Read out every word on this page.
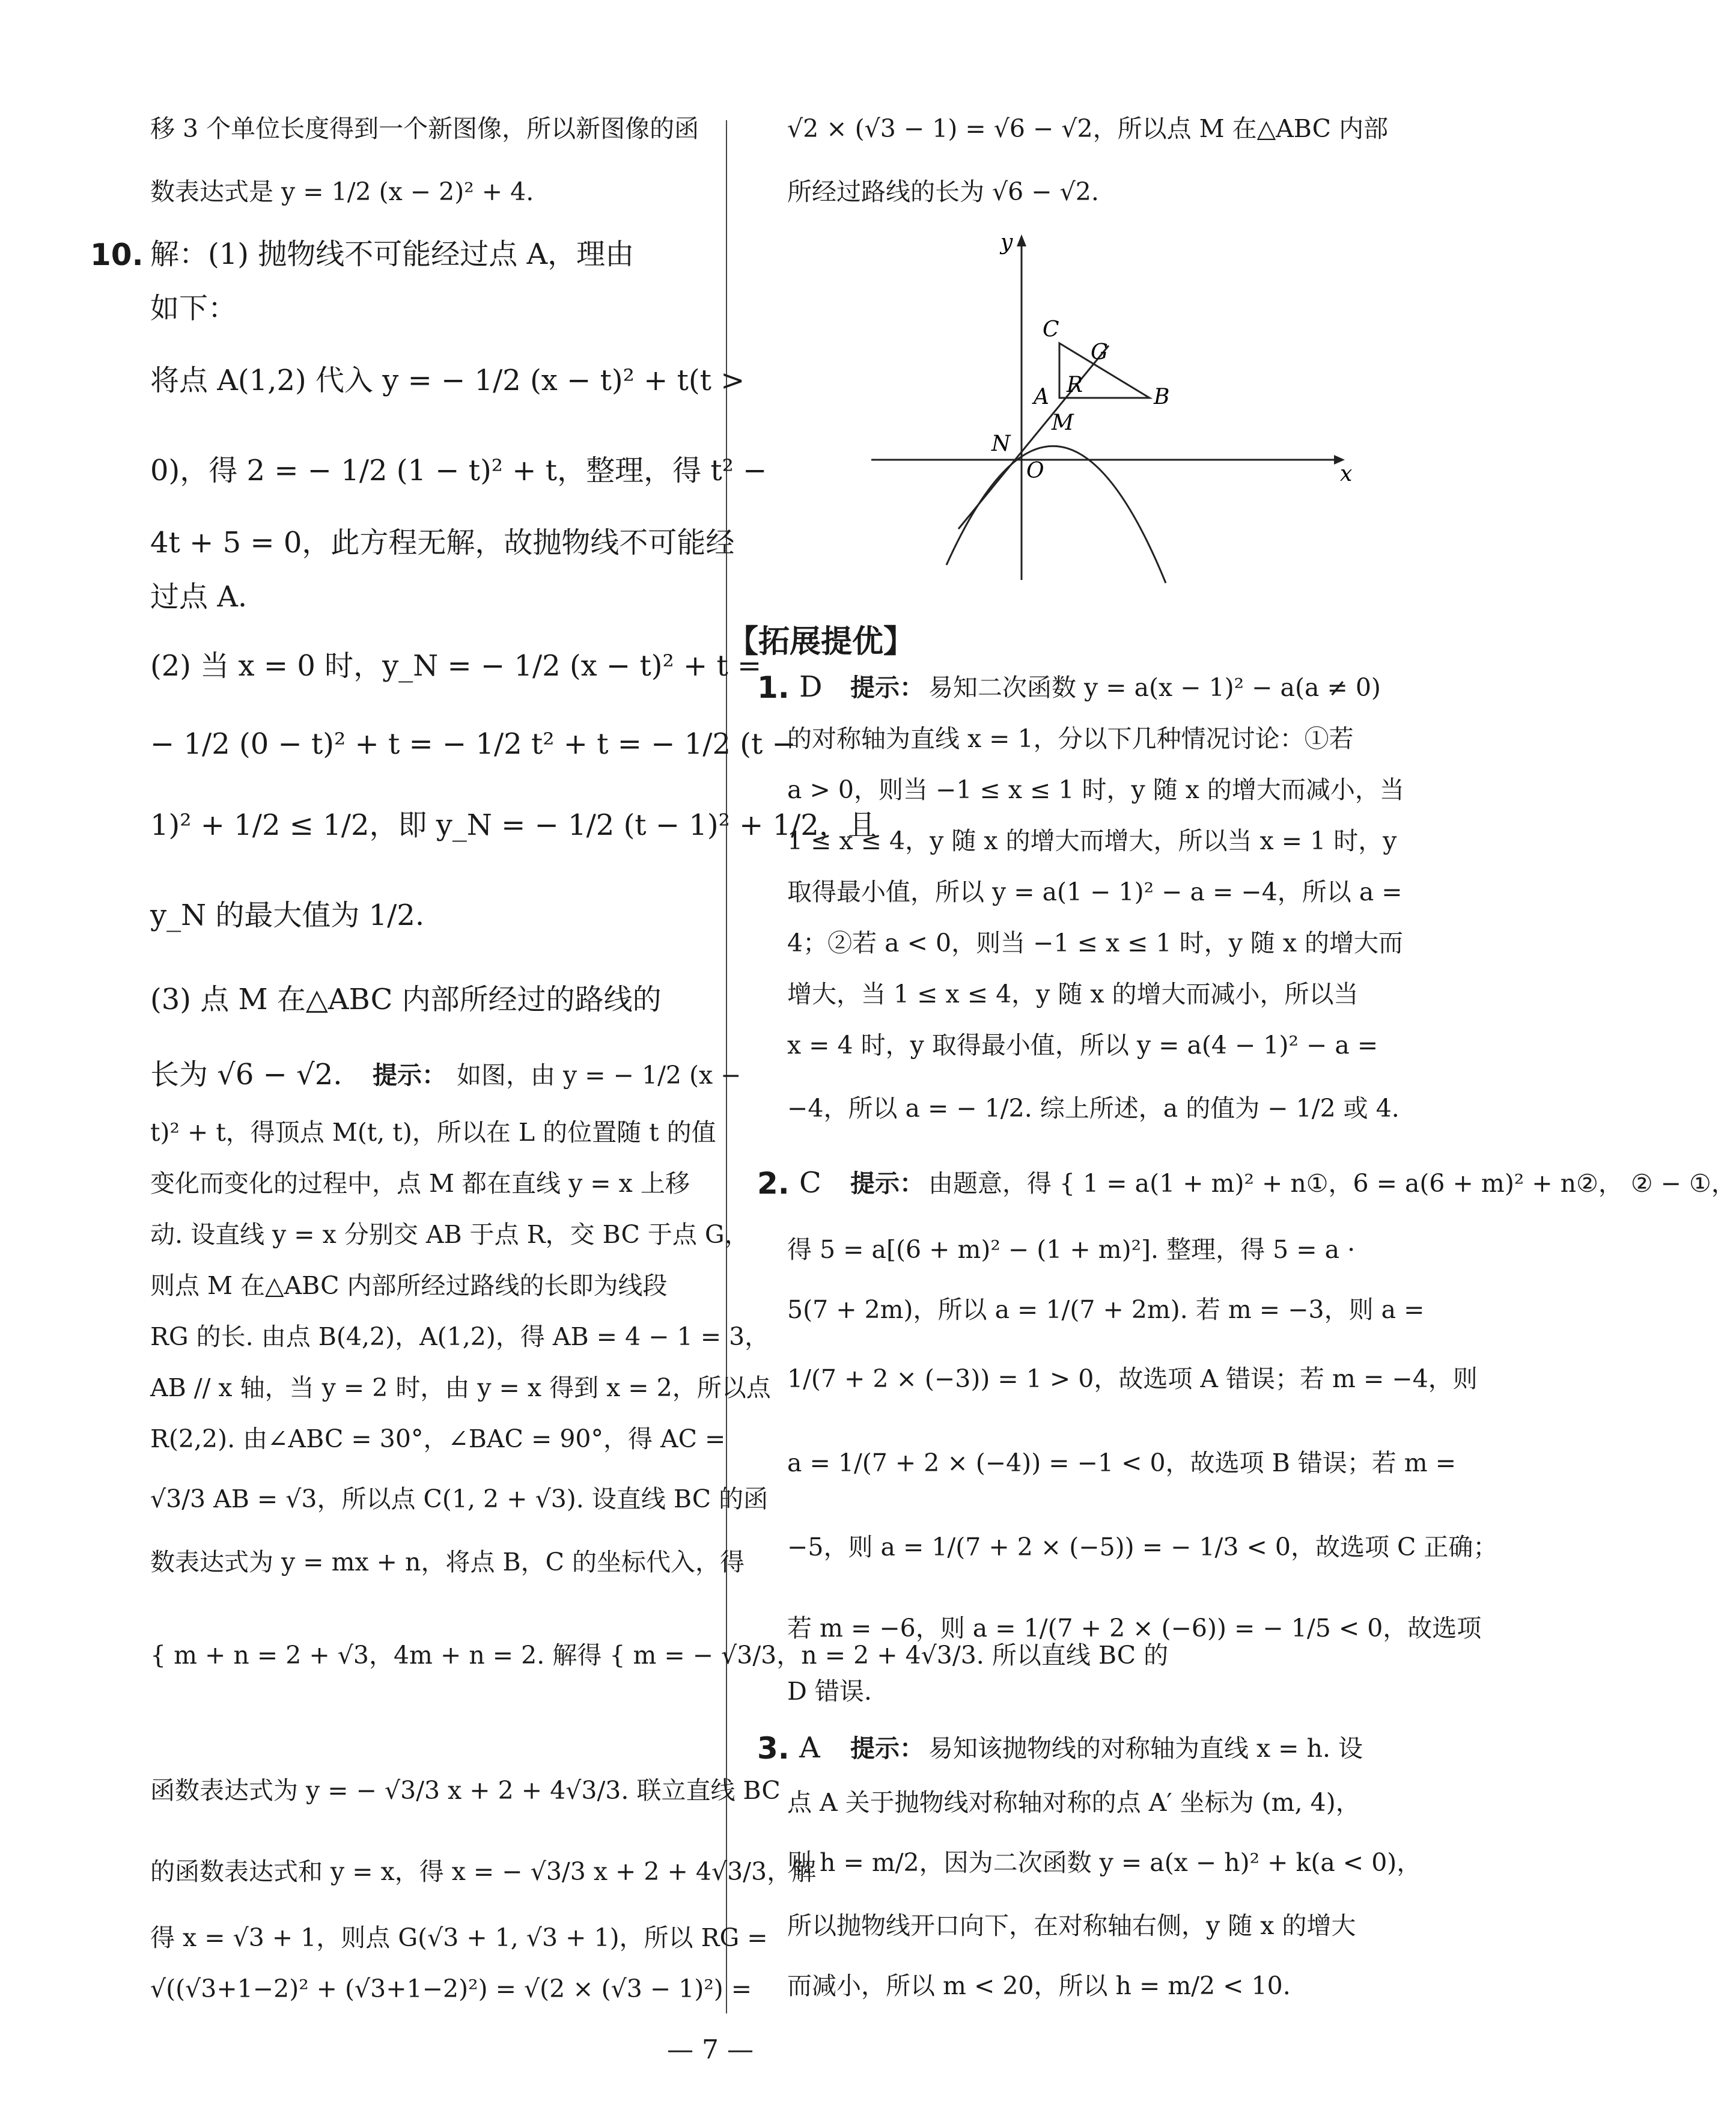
移 3 个单位长度得到一个新图像，所以新图像的函
数表达式是 y = 1/2 (x − 2)² + 4.
10. 解：(1) 抛物线不可能经过点 A，理由
如下：
将点 A(1,2) 代入 y = − 1/2 (x − t)² + t(t >
0)，得 2 = − 1/2 (1 − t)² + t，整理，得 t² −
4t + 5 = 0，此方程无解，故抛物线不可能经
过点 A.
(2) 当 x = 0 时，y_N = − 1/2 (x − t)² + t =
− 1/2 (0 − t)² + t = − 1/2 t² + t = − 1/2 (t −
1)² + 1/2 ≤ 1/2，即 y_N = − 1/2 (t − 1)² + 1/2，且
y_N 的最大值为 1/2.
(3) 点 M 在△ABC 内部所经过的路线的
长为 √6 − √2. 提示： 如图，由 y = − 1/2 (x −
t)² + t，得顶点 M(t, t)，所以在 L 的位置随 t 的值
变化而变化的过程中，点 M 都在直线 y = x 上移
动. 设直线 y = x 分别交 AB 于点 R，交 BC 于点 G，
则点 M 在△ABC 内部所经过路线的长即为线段
RG 的长. 由点 B(4,2)，A(1,2)，得 AB = 4 − 1 = 3，
AB // x 轴，当 y = 2 时，由 y = x 得到 x = 2，所以点
R(2,2). 由∠ABC = 30°，∠BAC = 90°，得 AC =
√3/3 AB = √3，所以点 C(1, 2 + √3). 设直线 BC 的函
数表达式为 y = mx + n，将点 B，C 的坐标代入，得
{ m + n = 2 + √3，4m + n = 2. 解得 { m = − √3/3，n = 2 + 4√3/3. 所以直线 BC 的
函数表达式为 y = − √3/3 x + 2 + 4√3/3. 联立直线 BC
的函数表达式和 y = x，得 x = − √3/3 x + 2 + 4√3/3，解
得 x = √3 + 1，则点 G(√3 + 1, √3 + 1)，所以 RG =
√((√3+1−2)² + (√3+1−2)²) = √(2 × (√3 − 1)²) =
√2 × (√3 − 1) = √6 − √2，所以点 M 在△ABC 内部
所经过路线的长为 √6 − √2.
y
x
C
G
R
A	B
M
N
O
【拓展提优】
1. D 提示： 易知二次函数 y = a(x − 1)² − a(a ≠ 0)
的对称轴为直线 x = 1，分以下几种情况讨论：①若
a > 0，则当 −1 ≤ x ≤ 1 时，y 随 x 的增大而减小，当
1 ≤ x ≤ 4，y 随 x 的增大而增大，所以当 x = 1 时，y
取得最小值，所以 y = a(1 − 1)² − a = −4，所以 a =
4；②若 a < 0，则当 −1 ≤ x ≤ 1 时，y 随 x 的增大而
增大，当 1 ≤ x ≤ 4，y 随 x 的增大而减小，所以当
x = 4 时，y 取得最小值，所以 y = a(4 − 1)² − a =
−4，所以 a = − 1/2. 综上所述，a 的值为 − 1/2 或 4.
2. C 提示： 由题意，得 { 1 = a(1 + m)² + n①，6 = a(6 + m)² + n②， ② − ①，
得 5 = a[(6 + m)² − (1 + m)²]. 整理，得 5 = a ·
5(7 + 2m)，所以 a = 1/(7 + 2m). 若 m = −3，则 a =
1/(7 + 2 × (−3)) = 1 > 0，故选项 A 错误；若 m = −4，则
a = 1/(7 + 2 × (−4)) = −1 < 0，故选项 B 错误；若 m =
−5，则 a = 1/(7 + 2 × (−5)) = − 1/3 < 0，故选项 C 正确；
若 m = −6，则 a = 1/(7 + 2 × (−6)) = − 1/5 < 0，故选项
D 错误.
3. A 提示： 易知该抛物线的对称轴为直线 x = h. 设
点 A 关于抛物线对称轴对称的点 A′ 坐标为 (m, 4)，
则 h = m/2，因为二次函数 y = a(x − h)² + k(a < 0)，
所以抛物线开口向下，在对称轴右侧，y 随 x 的增大
而减小，所以 m < 20，所以 h = m/2 < 10.
— 7 —
